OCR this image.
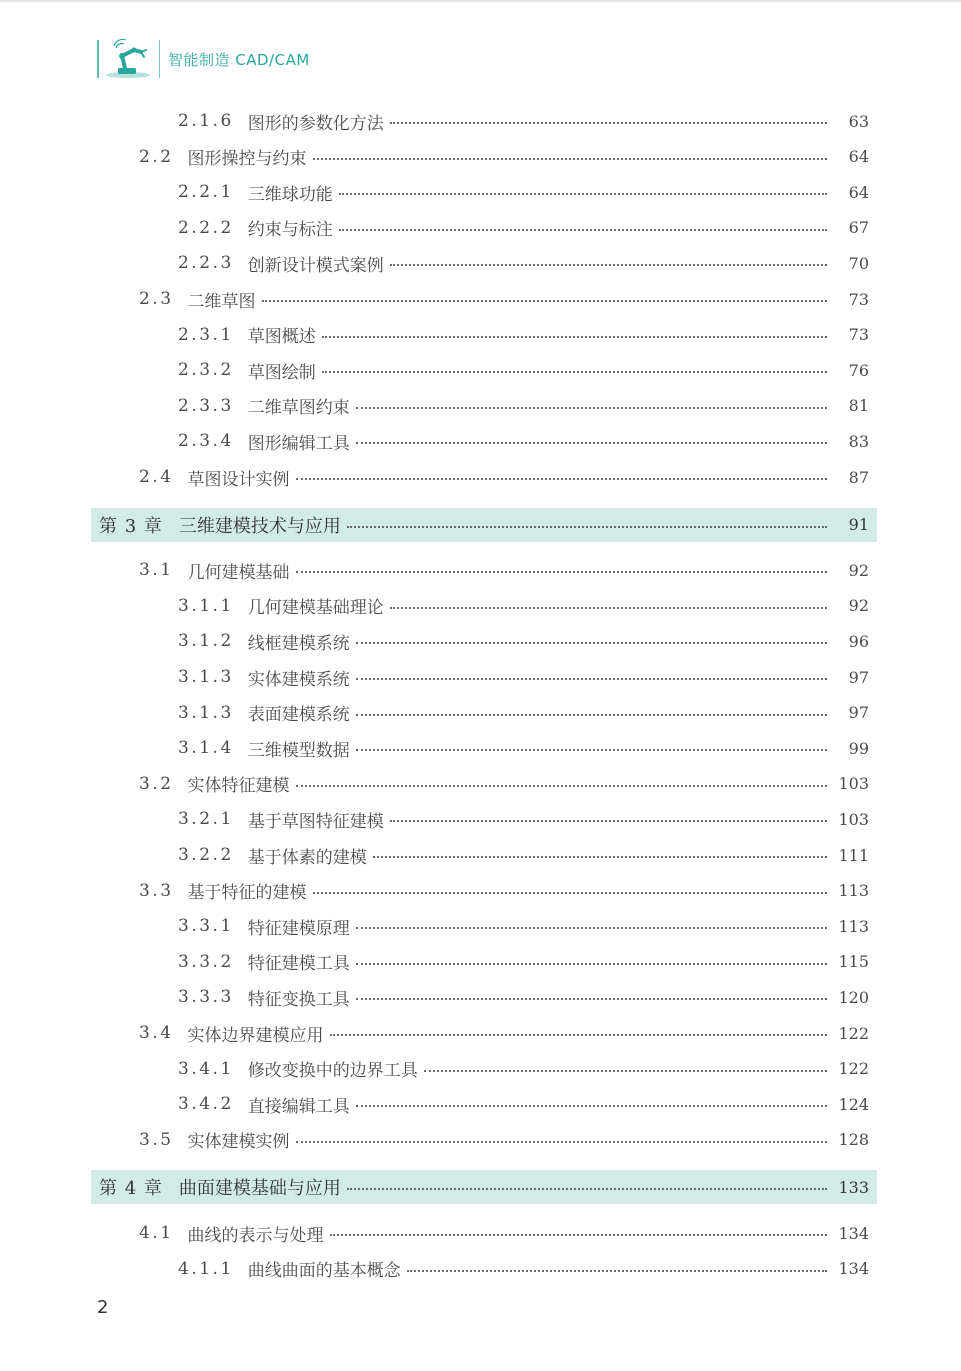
智能制造 CAD/CAM
2.1.6 图形的参数化方法	63
2.2 图形操控与约束	64
2.2.1 三维球功能	64
2.2.2 约束与标注	67
2.2.3 创新设计模式案例	70
2.3 二维草图	73
2.3.1 草图概述	73
2.3.2 草图绘制	76
2.3.3 二维草图约束	81
2.3.4 图形编辑工具	83
2.4 草图设计实例	87
第 3 章 三维建模技术与应用	91
3.1 几何建模基础	92
3.1.1 几何建模基础理论	92
3.1.2 线框建模系统	96
3.1.3 实体建模系统	97
3.1.3 表面建模系统	97
3.1.4 三维模型数据	99
3.2 实体特征建模	103
3.2.1 基于草图特征建模	103
3.2.2 基于体素的建模	111
3.3 基于特征的建模	113
3.3.1 特征建模原理	113
3.3.2 特征建模工具	115
3.3.3 特征变换工具	120
3.4 实体边界建模应用	122
3.4.1 修改变换中的边界工具	122
3.4.2 直接编辑工具	124
3.5 实体建模实例	128
第 4 章 曲面建模基础与应用	133
4.1 曲线的表示与处理	134
4.1.1 曲线曲面的基本概念	134
2
